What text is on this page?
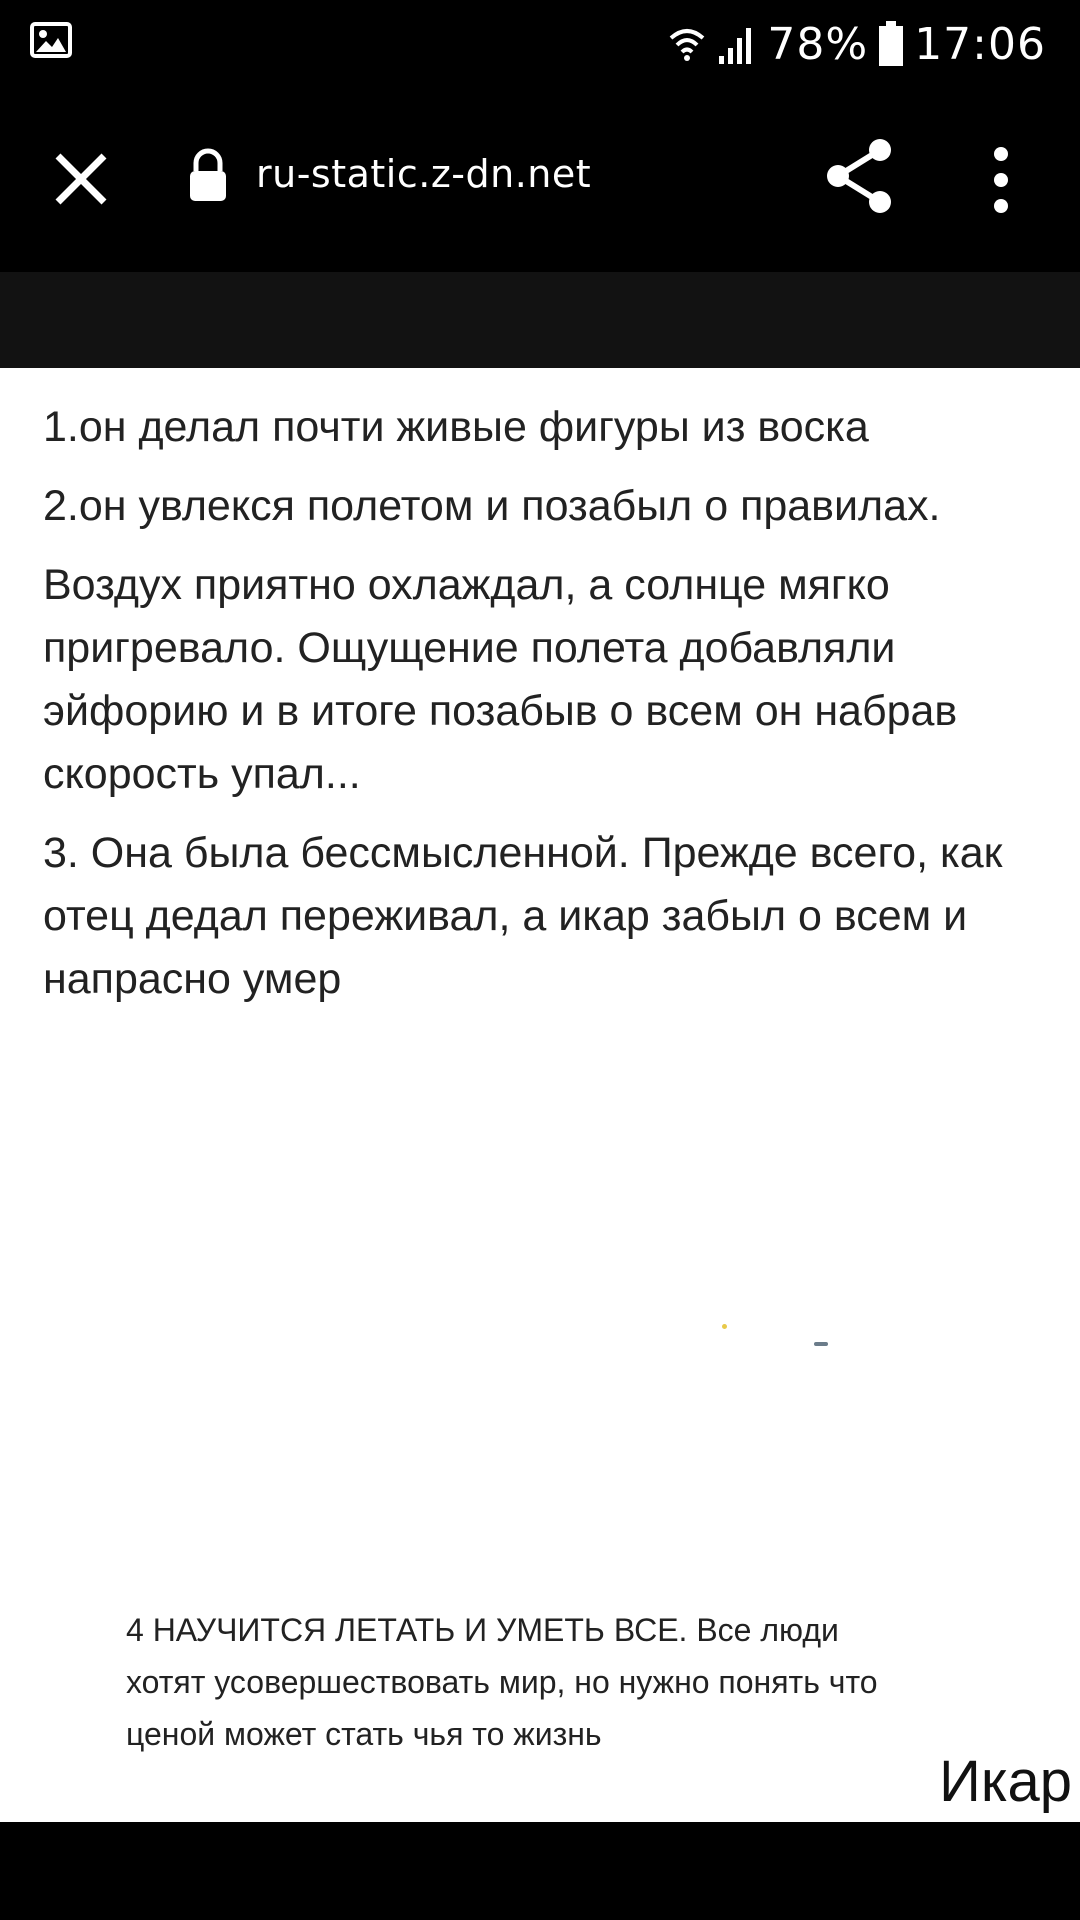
78% 17:06
ru-static.z-dn.net

1.он делал почти живые фигуры из воска

2.он увлекся полетом и позабыл о правилах.

Воздух приятно охлаждал, а солнце мягко пригревало. Ощущение полета добавляли эйфорию и в итоге позабыв о всем он набрав скорость упал...

3. Она была бессмысленной. Прежде всего, как отец дедал переживал, а икар забыл о всем и напрасно умер

4 НАУЧИТСЯ ЛЕТАТЬ И УМЕТЬ ВСЕ. Все люди хотят усовершествовать мир, но нужно понять что ценой может стать чья то жизнь
Икар
